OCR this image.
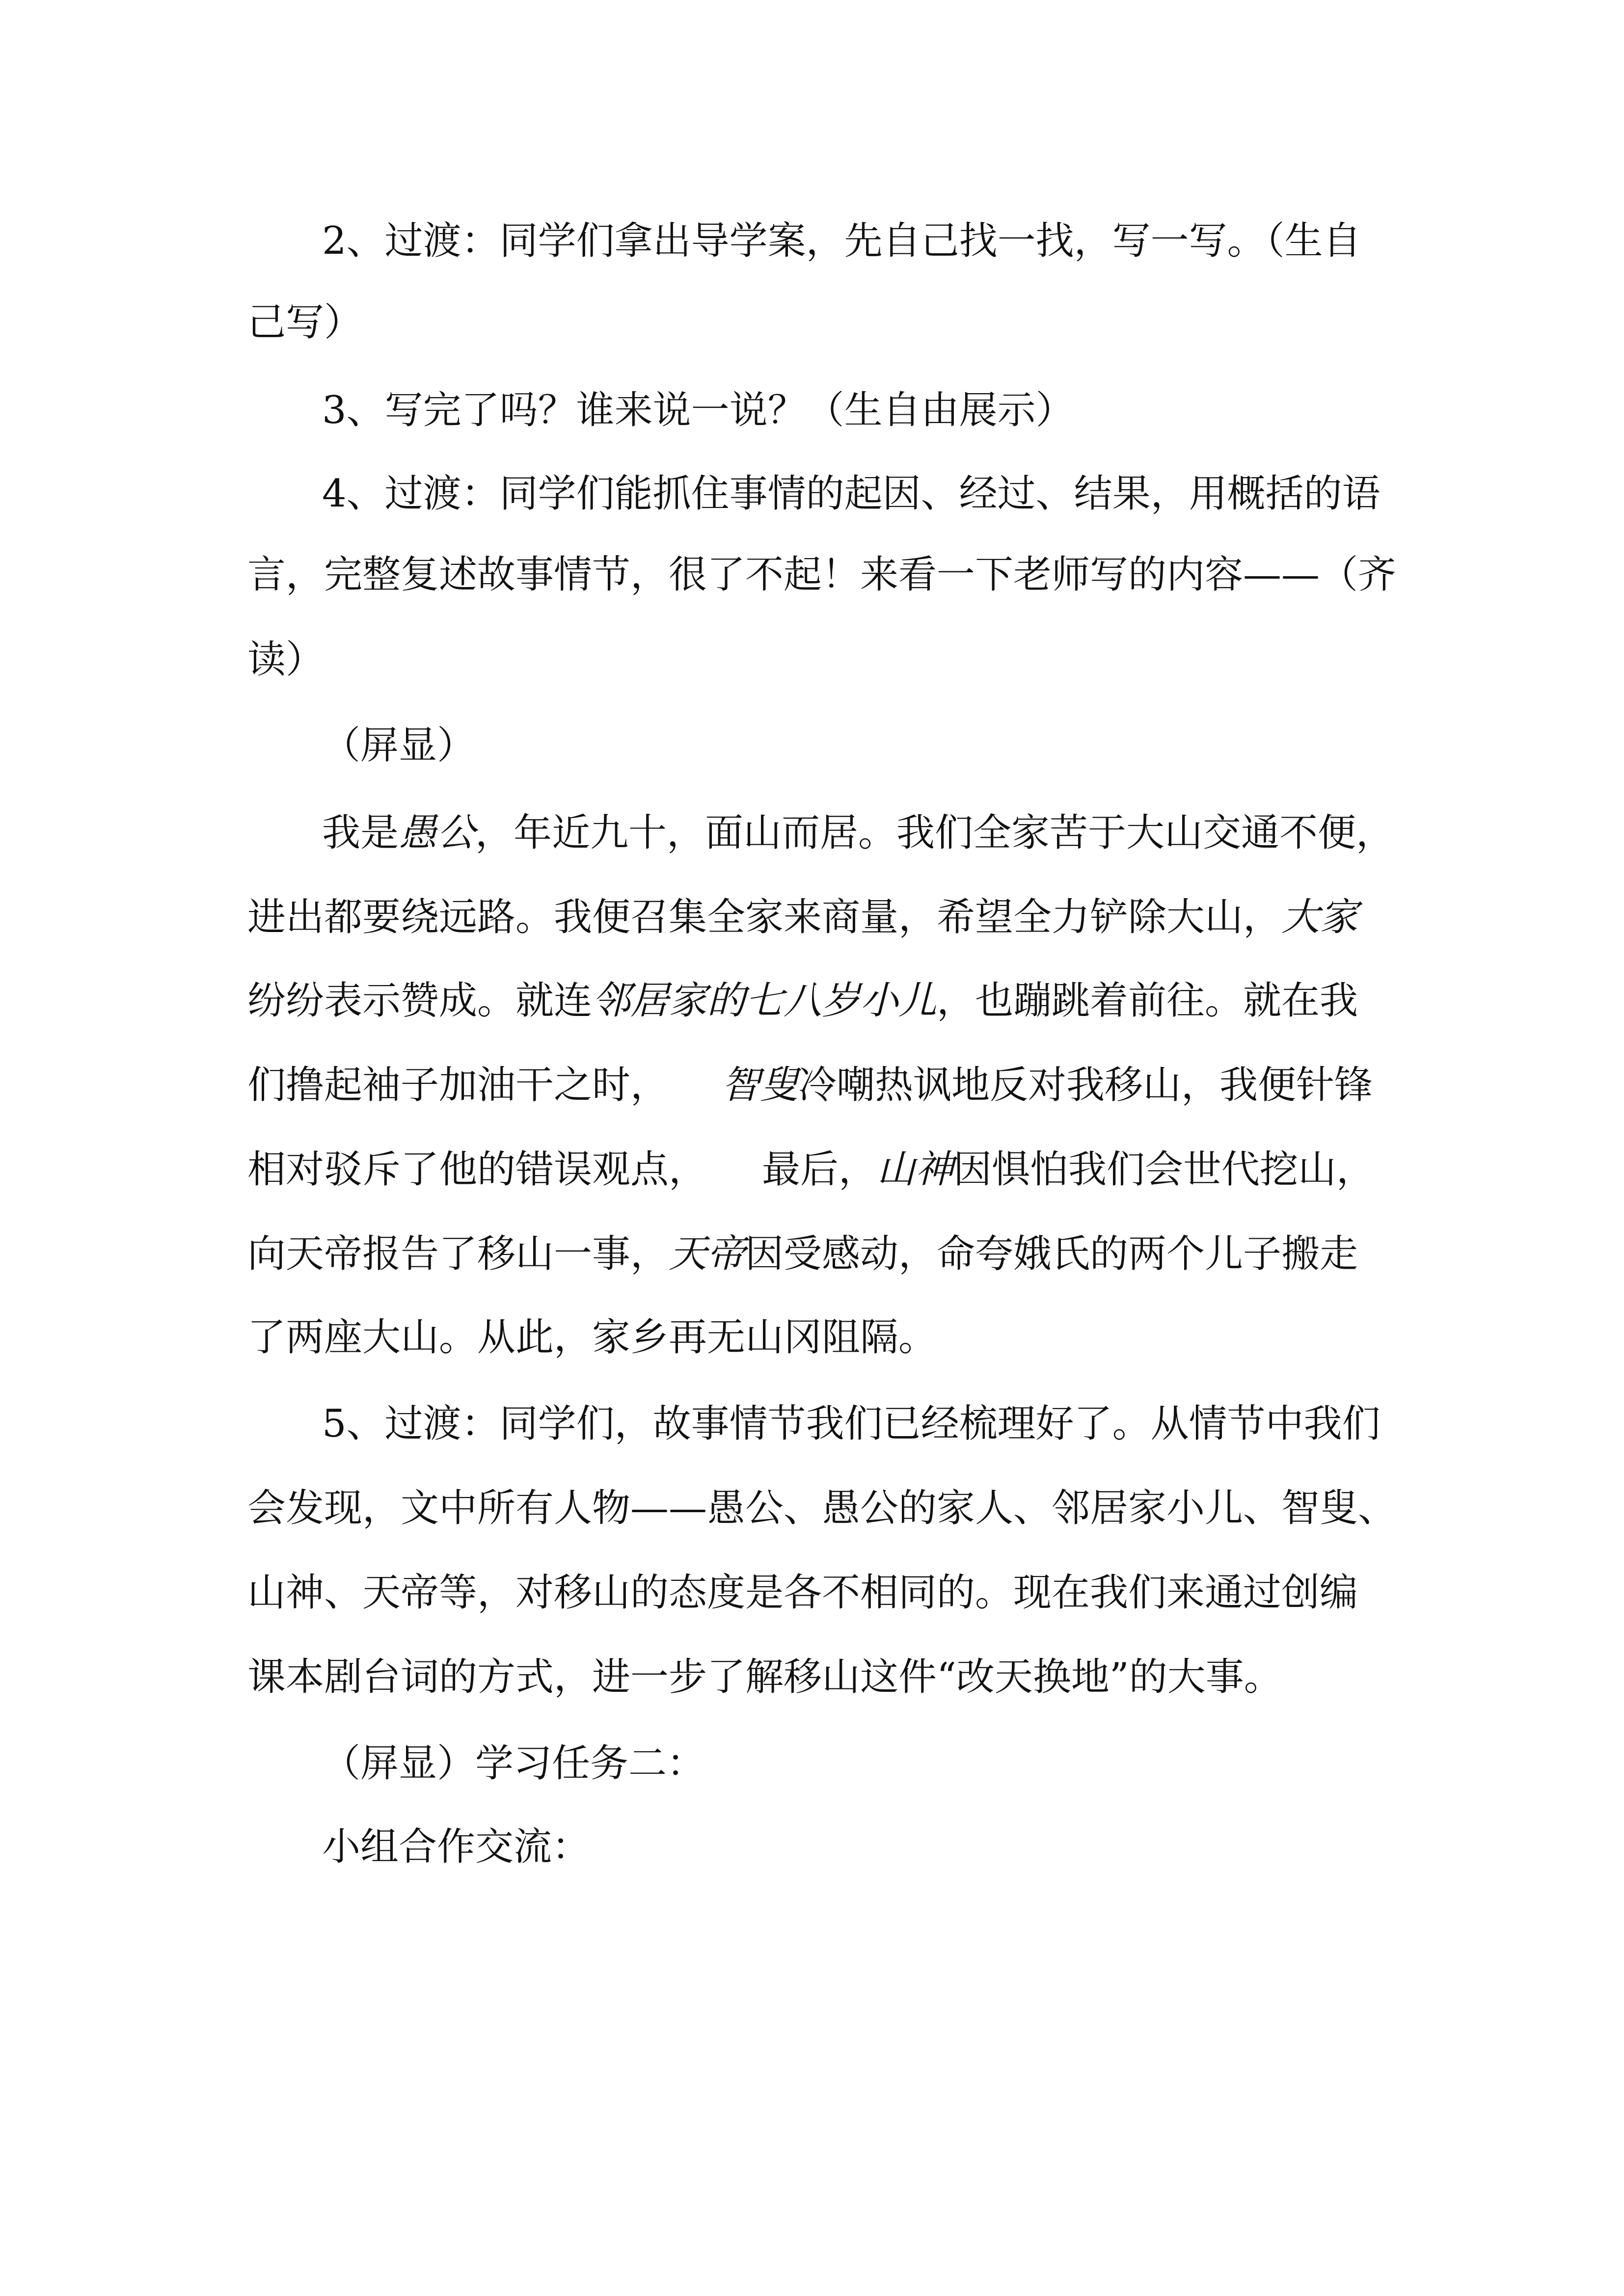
2、过渡：同学们拿出导学案，先自己找一找，写一写。（生自
己写）
3、写完了吗？谁来说一说？（生自由展示）
4、过渡：同学们能抓住事情的起因、经过、结果，用概括的语
言，完整复述故事情节，很了不起！来看一下老师写的内容——（齐
读）
（屏显）
我是愚公，年近九十，面山而居。我们全家苦于大山交通不便，
进出都要绕远路。我便召集全家来商量，希望全力铲除大山，大家
纷纷表示赞成。就连邻居家的七八岁小儿，也蹦跳着前往。就在我
们撸起袖子加油干之时， 智叟冷嘲热讽地反对我移山，我便针锋
相对驳斥了他的错误观点， 最后，山神因惧怕我们会世代挖山，
向天帝报告了移山一事，天帝因受感动，命夸娥氏的两个儿子搬走
了两座大山。从此，家乡再无山冈阻隔。
5、过渡：同学们，故事情节我们已经梳理好了。从情节中我们
会发现，文中所有人物——愚公、愚公的家人、邻居家小儿、智叟、
山神、天帝等，对移山的态度是各不相同的。现在我们来通过创编
课本剧台词的方式，进一步了解移山这件“改天换地”的大事。
（屏显）学习任务二：
小组合作交流：
